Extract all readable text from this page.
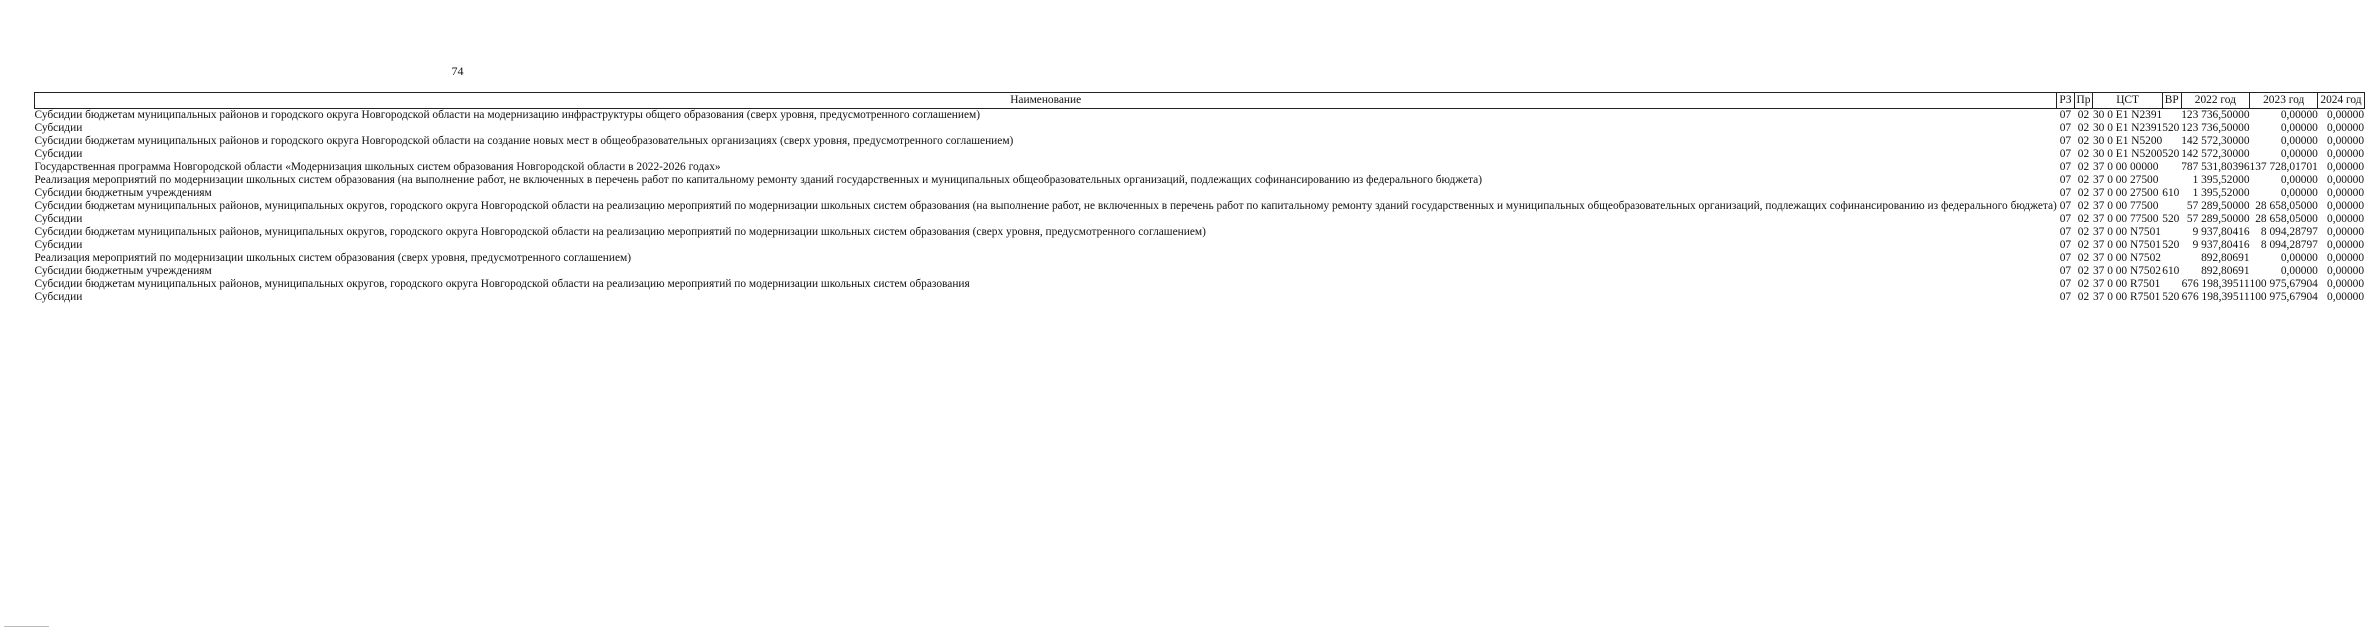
74
Наименование	РЗ	Пр	ЦСТ	ВР	2022 год	2023 год	2024 год
Субсидии бюджетам муниципальных районов и городского округа Новгородской области на модернизацию инфраструктуры общего образования (сверх уровня, предусмотренного соглашением)	07	02	30 0 E1 N2391		123 736,50000	0,00000	0,00000
Субсидии	07	02	30 0 E1 N2391	520	123 736,50000	0,00000	0,00000
Субсидии бюджетам муниципальных районов и городского округа Новгородской области на создание новых мест в общеобразовательных организациях (сверх уровня, предусмотренного соглашением)	07	02	30 0 E1 N5200		142 572,30000	0,00000	0,00000
Субсидии	07	02	30 0 E1 N5200	520	142 572,30000	0,00000	0,00000
Государственная программа Новгородской области «Модернизация школьных систем образования Новгородской области в 2022-2026 годах»	07	02	37 0 00 00000		787 531,80396	137 728,01701	0,00000
Реализация мероприятий по модернизации школьных систем образования (на выполнение работ, не включенных в перечень работ по капитальному ремонту зданий государственных и муниципальных общеобразовательных организаций, подлежащих софинансированию из федерального бюджета)	07	02	37 0 00 27500		1 395,52000	0,00000	0,00000
Субсидии бюджетным учреждениям	07	02	37 0 00 27500	610	1 395,52000	0,00000	0,00000
Субсидии бюджетам муниципальных районов, муниципальных округов, городского округа Новгородской области на реализацию мероприятий по модернизации школьных систем образования (на выполнение работ, не включенных в перечень работ по капитальному ремонту зданий государственных и муниципальных общеобразовательных организаций, подлежащих софинансированию из федерального бюджета)	07	02	37 0 00 77500		57 289,50000	28 658,05000	0,00000
Субсидии	07	02	37 0 00 77500	520	57 289,50000	28 658,05000	0,00000
Субсидии бюджетам муниципальных районов, муниципальных округов, городского округа Новгородской области на реализацию мероприятий по модернизации школьных систем образования (сверх уровня, предусмотренного соглашением)	07	02	37 0 00 N7501		9 937,80416	8 094,28797	0,00000
Субсидии	07	02	37 0 00 N7501	520	9 937,80416	8 094,28797	0,00000
Реализация мероприятий по модернизации школьных систем образования (сверх уровня, предусмотренного соглашением)	07	02	37 0 00 N7502		892,80691	0,00000	0,00000
Субсидии бюджетным учреждениям	07	02	37 0 00 N7502	610	892,80691	0,00000	0,00000
Субсидии бюджетам муниципальных районов, муниципальных округов, городского округа Новгородской области на реализацию мероприятий по модернизации школьных систем образования	07	02	37 0 00 R7501		676 198,39511	100 975,67904	0,00000
Субсидии	07	02	37 0 00 R7501	520	676 198,39511	100 975,67904	0,00000
